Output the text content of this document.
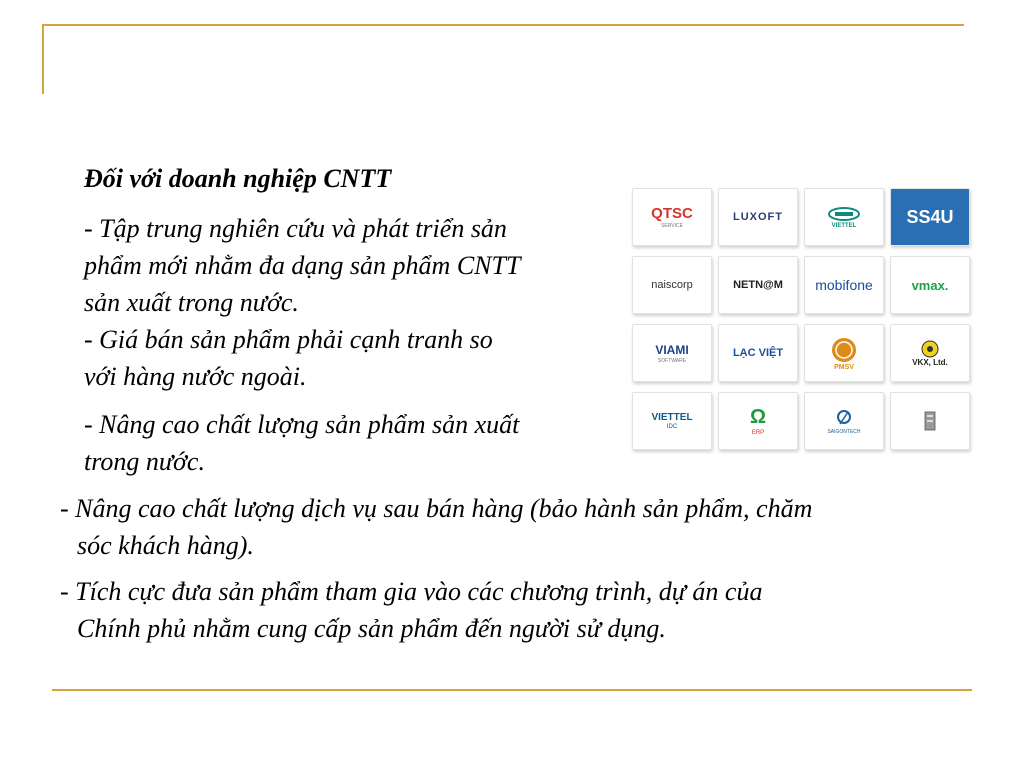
Đối với doanh nghiệp CNTT
- Tập trung nghiên cứu và phát triển sản
phẩm mới nhằm đa dạng sản phẩm CNTT
sản xuất trong nước.
- Giá bán sản phẩm phải cạnh tranh so
với hàng nước ngoài.
- Nâng cao chất lượng sản phẩm sản xuất
trong nước.
- Nâng cao chất lượng dịch vụ sau bán hàng (bảo hành sản phẩm, chăm
sóc khách hàng).
- Tích cực đưa sản phẩm tham gia vào các chương trình, dự án của
Chính phủ nhằm cung cấp sản phẩm đến người sử dụng.
QTSC
SERVICE
LUXOFT
VIETTEL	SS4U
naiscorp	NETN@M mobifone	vmax.
VIAMI
SOFTWARE
LẠC VIỆT
PMSV
VKX, Ltd.
VIETTEL
IDC	Ω
ERP	SAIGONTECH
